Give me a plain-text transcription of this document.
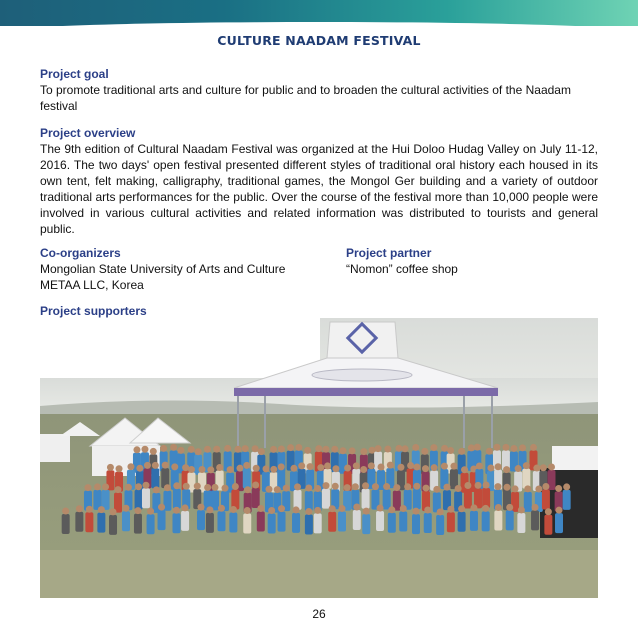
CULTURE NAADAM FESTIVAL
Project goal
To promote traditional arts and culture for public and to broaden the cultural activities of the Naadam festival
Project overview
The 9th edition of Cultural Naadam Festival was organized at the Hui Doloo Hudag Valley on July 11-12, 2016. The two days' open festival presented different styles of traditional oral history each housed in its own tent, felt making, calligraphy, traditional games, the Mongol Ger building and a variety of outdoor traditional arts performances for the public. Over the course of the festival more than 10,000 people were involved in various cultural activities and related information was distributed to tourists and general public.
Co-organizers
Mongolian State University of Arts and Culture
METAA LLC, Korea
Project partner
“Nomon” coffee shop
Project supporters
26
